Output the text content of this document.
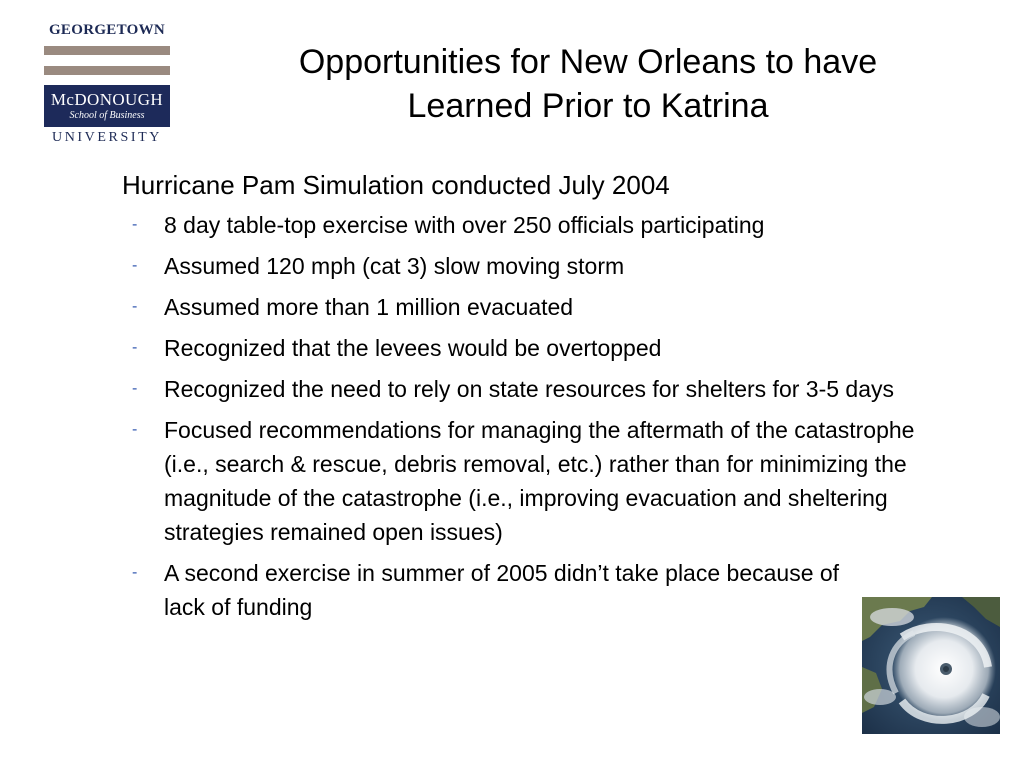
GEORGETOWN
McDONOUGH
School of Business
UNIVERSITY
Opportunities for New Orleans to have
Learned Prior to Katrina

Hurricane Pam Simulation conducted July 2004

- 8 day table-top exercise with over 250 officials participating
- Assumed 120 mph (cat 3) slow moving storm
- Assumed more than 1 million evacuated
- Recognized that the levees would be overtopped
- Recognized the need to rely on state resources for shelters for 3-5 days
- Focused recommendations for managing the aftermath of the catastrophe (i.e., search & rescue, debris removal, etc.) rather than for minimizing the magnitude of the catastrophe (i.e., improving evacuation and sheltering strategies remained open issues)
- A second exercise in summer of 2005 didn’t take place because of lack of funding
